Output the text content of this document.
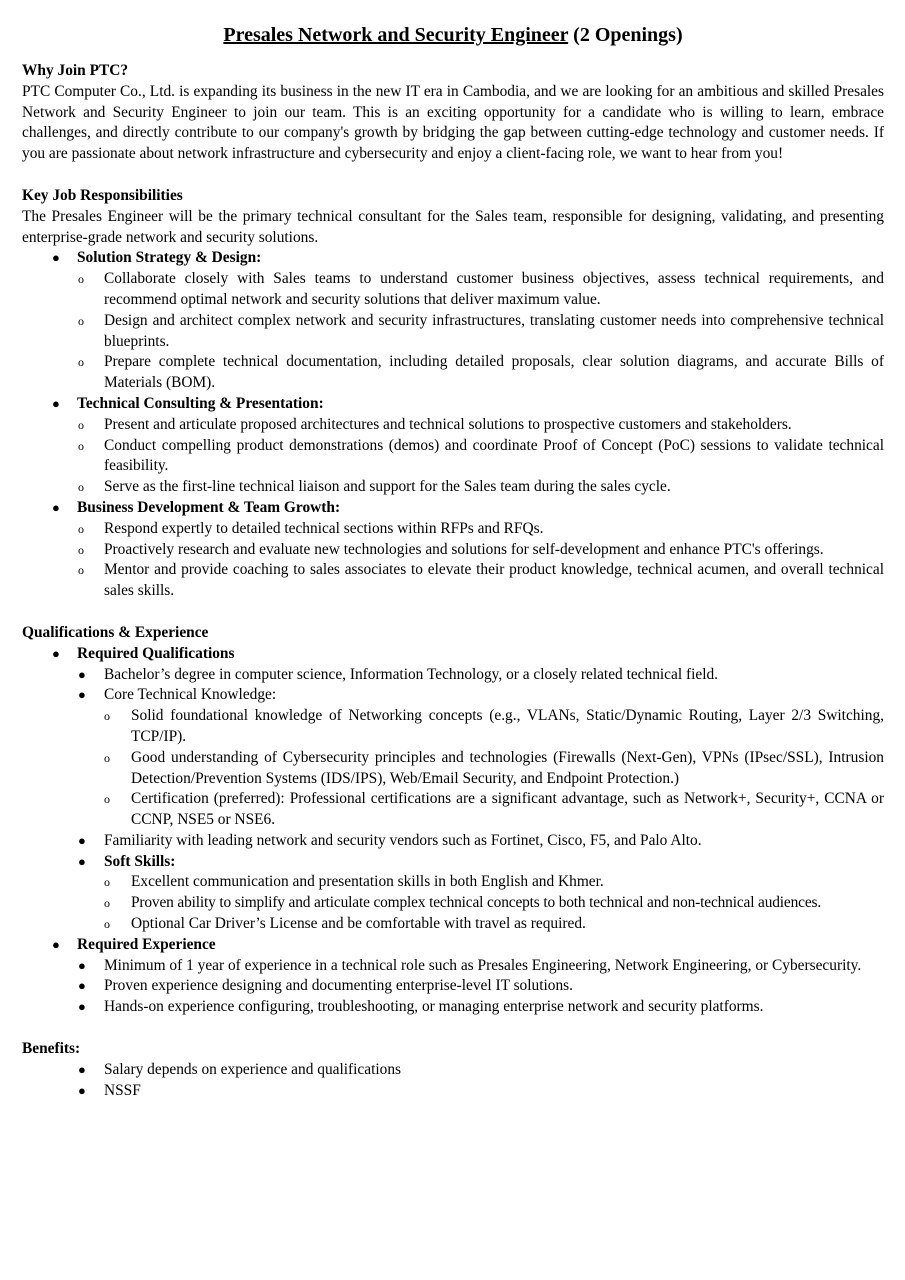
Presales Network and Security Engineer (2 Openings)
Why Join PTC?
PTC Computer Co., Ltd. is expanding its business in the new IT era in Cambodia, and we are looking for an ambitious and skilled Presales Network and Security Engineer to join our team. This is an exciting opportunity for a candidate who is willing to learn, embrace challenges, and directly contribute to our company's growth by bridging the gap between cutting-edge technology and customer needs. If you are passionate about network infrastructure and cybersecurity and enjoy a client-facing role, we want to hear from you!
Key Job Responsibilities
The Presales Engineer will be the primary technical consultant for the Sales team, responsible for designing, validating, and presenting enterprise-grade network and security solutions.
● Solution Strategy & Design:
o Collaborate closely with Sales teams to understand customer business objectives, assess technical requirements, and recommend optimal network and security solutions that deliver maximum value.
o Design and architect complex network and security infrastructures, translating customer needs into comprehensive technical blueprints.
o Prepare complete technical documentation, including detailed proposals, clear solution diagrams, and accurate Bills of Materials (BOM).
● Technical Consulting & Presentation:
o Present and articulate proposed architectures and technical solutions to prospective customers and stakeholders.
o Conduct compelling product demonstrations (demos) and coordinate Proof of Concept (PoC) sessions to validate technical feasibility.
o Serve as the first-line technical liaison and support for the Sales team during the sales cycle.
● Business Development & Team Growth:
o Respond expertly to detailed technical sections within RFPs and RFQs.
o Proactively research and evaluate new technologies and solutions for self-development and enhance PTC's offerings.
o Mentor and provide coaching to sales associates to elevate their product knowledge, technical acumen, and overall technical sales skills.
Qualifications & Experience
● Required Qualifications
● Bachelor’s degree in computer science, Information Technology, or a closely related technical field.
● Core Technical Knowledge:
o Solid foundational knowledge of Networking concepts (e.g., VLANs, Static/Dynamic Routing, Layer 2/3 Switching, TCP/IP).
o Good understanding of Cybersecurity principles and technologies (Firewalls (Next-Gen), VPNs (IPsec/SSL), Intrusion Detection/Prevention Systems (IDS/IPS), Web/Email Security, and Endpoint Protection.)
o Certification (preferred): Professional certifications are a significant advantage, such as Network+, Security+, CCNA or CCNP, NSE5 or NSE6.
● Familiarity with leading network and security vendors such as Fortinet, Cisco, F5, and Palo Alto.
● Soft Skills:
o Excellent communication and presentation skills in both English and Khmer.
o Proven ability to simplify and articulate complex technical concepts to both technical and non-technical audiences.
o Optional Car Driver’s License and be comfortable with travel as required.
● Required Experience
● Minimum of 1 year of experience in a technical role such as Presales Engineering, Network Engineering, or Cybersecurity.
● Proven experience designing and documenting enterprise-level IT solutions.
● Hands-on experience configuring, troubleshooting, or managing enterprise network and security platforms.
Benefits:
● Salary depends on experience and qualifications
● NSSF
